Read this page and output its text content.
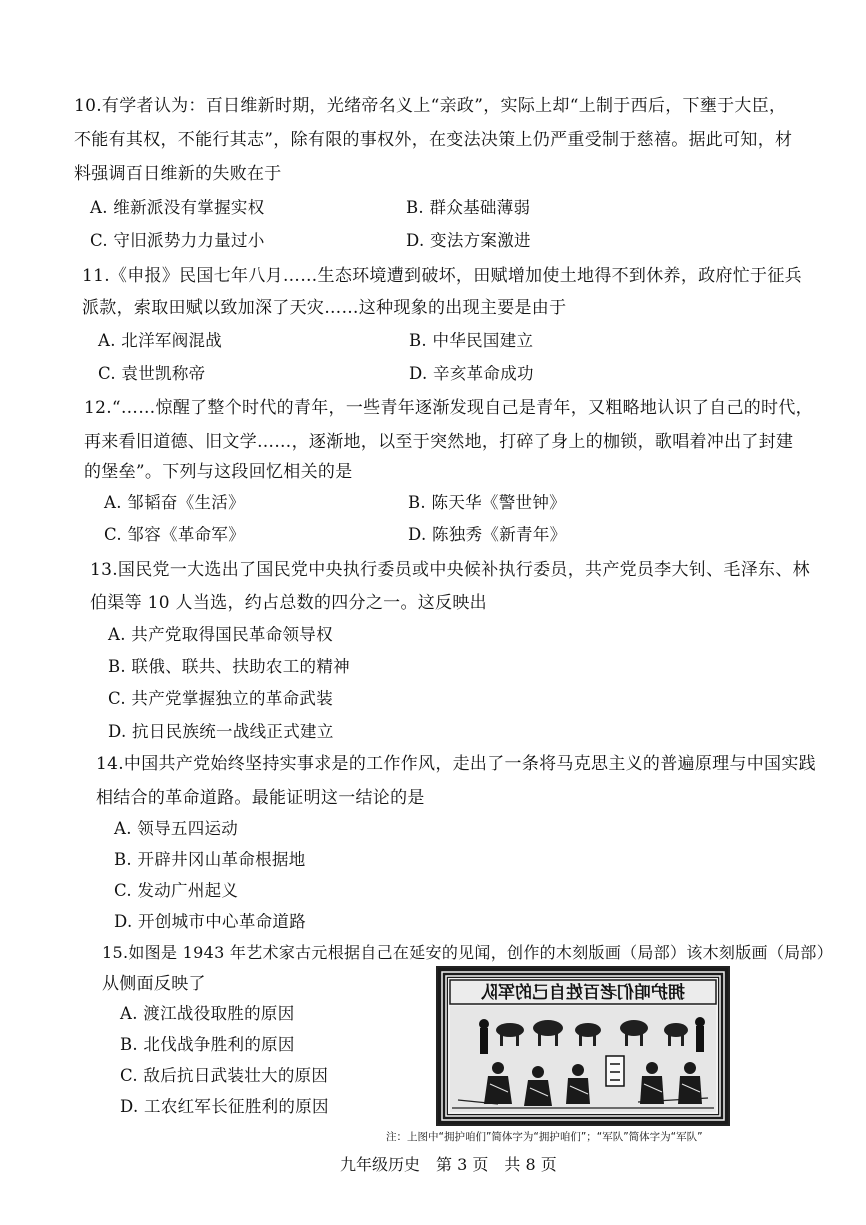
10.有学者认为：百日维新时期，光绪帝名义上“亲政”，实际上却“上制于西后，下壅于大臣，
不能有其权，不能行其志”，除有限的事权外，在变法决策上仍严重受制于慈禧。据此可知，材
料强调百日维新的失败在于
A. 维新派没有掌握实权	B. 群众基础薄弱
C. 守旧派势力力量过小	D. 变法方案激进
11.《申报》民国七年八月……生态环境遭到破坏，田赋增加使土地得不到休养，政府忙于征兵
派款，索取田赋以致加深了天灾……这种现象的出现主要是由于
A. 北洋军阀混战	B. 中华民国建立
C. 袁世凯称帝	D. 辛亥革命成功
12.“……惊醒了整个时代的青年，一些青年逐渐发现自己是青年，又粗略地认识了自己的时代，
再来看旧道德、旧文学……，逐渐地，以至于突然地，打碎了身上的枷锁，歌唱着冲出了封建
的堡垒”。下列与这段回忆相关的是
A. 邹韬奋《生活》	B. 陈天华《警世钟》
C. 邹容《革命军》	D. 陈独秀《新青年》
13.国民党一大选出了国民党中央执行委员或中央候补执行委员，共产党员李大钊、毛泽东、林
伯渠等 10 人当选，约占总数的四分之一。这反映出
A. 共产党取得国民革命领导权
B. 联俄、联共、扶助农工的精神
C. 共产党掌握独立的革命武装
D. 抗日民族统一战线正式建立
14.中国共产党始终坚持实事求是的工作作风，走出了一条将马克思主义的普遍原理与中国实践
相结合的革命道路。最能证明这一结论的是
A. 领导五四运动
B. 开辟井冈山革命根据地
C. 发动广州起义
D. 开创城市中心革命道路
15.如图是 1943 年艺术家古元根据自己在延安的见闻，创作的木刻版画（局部）该木刻版画（局部）
从侧面反映了
A. 渡江战役取胜的原因
B. 北伐战争胜利的原因
C. 敌后抗日武装壮大的原因
D. 工农红军长征胜利的原因
拥护咱们老百姓自己的军队
注：上图中“拥护咱们”简体字为“拥护咱们”；“军队”简体字为“军队”
九年级历史　第 3 页　共 8 页
